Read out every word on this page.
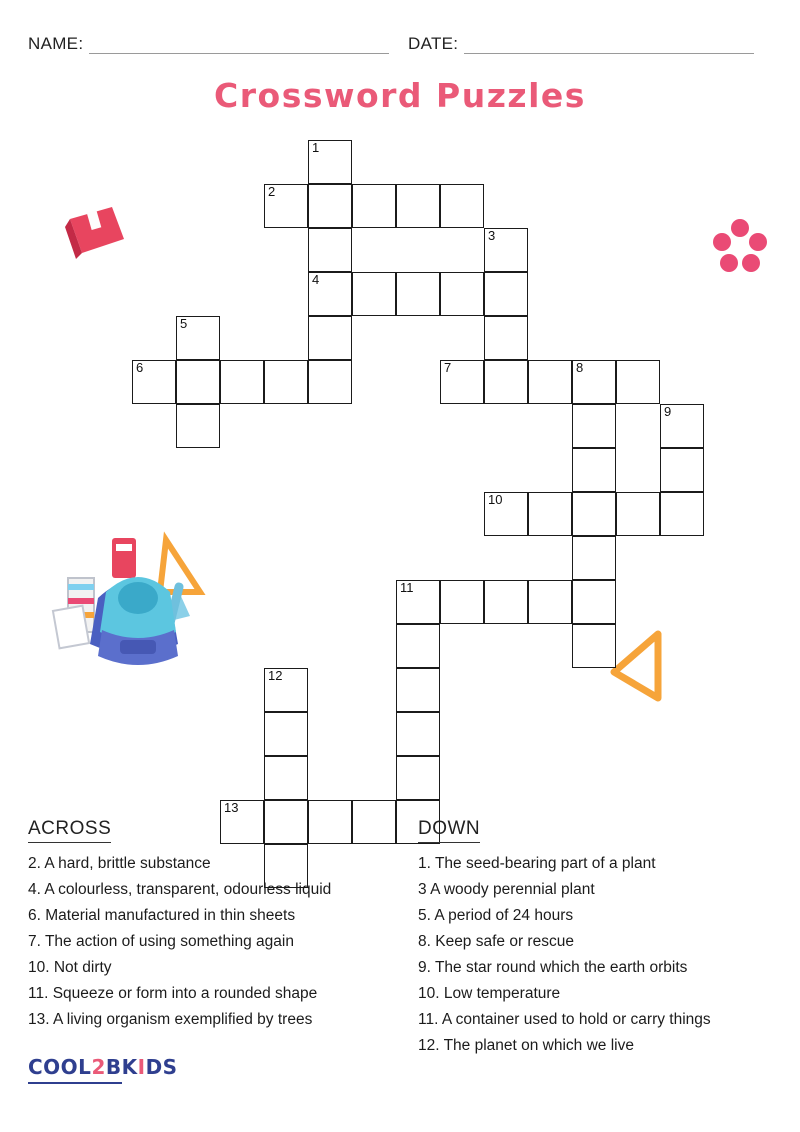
NAME:	DATE:
Crossword Puzzles
1
2
3
4
5
6	7	8
9
10
11
12
13
ACROSS
2. A hard, brittle substance
4. A colourless, transparent, odourless liquid
6. Material manufactured in thin sheets
7. The action of using something again
10. Not dirty
11. Squeeze or form into a rounded shape
13. A living organism exemplified by trees
DOWN
1. The seed-bearing part of a plant
3 A woody perennial plant
5. A period of 24 hours
8. Keep safe or rescue
9. The star round which the earth orbits
10. Low temperature
11. A container used to hold or carry things
12. The planet on which we live
COOL2BKIDS
